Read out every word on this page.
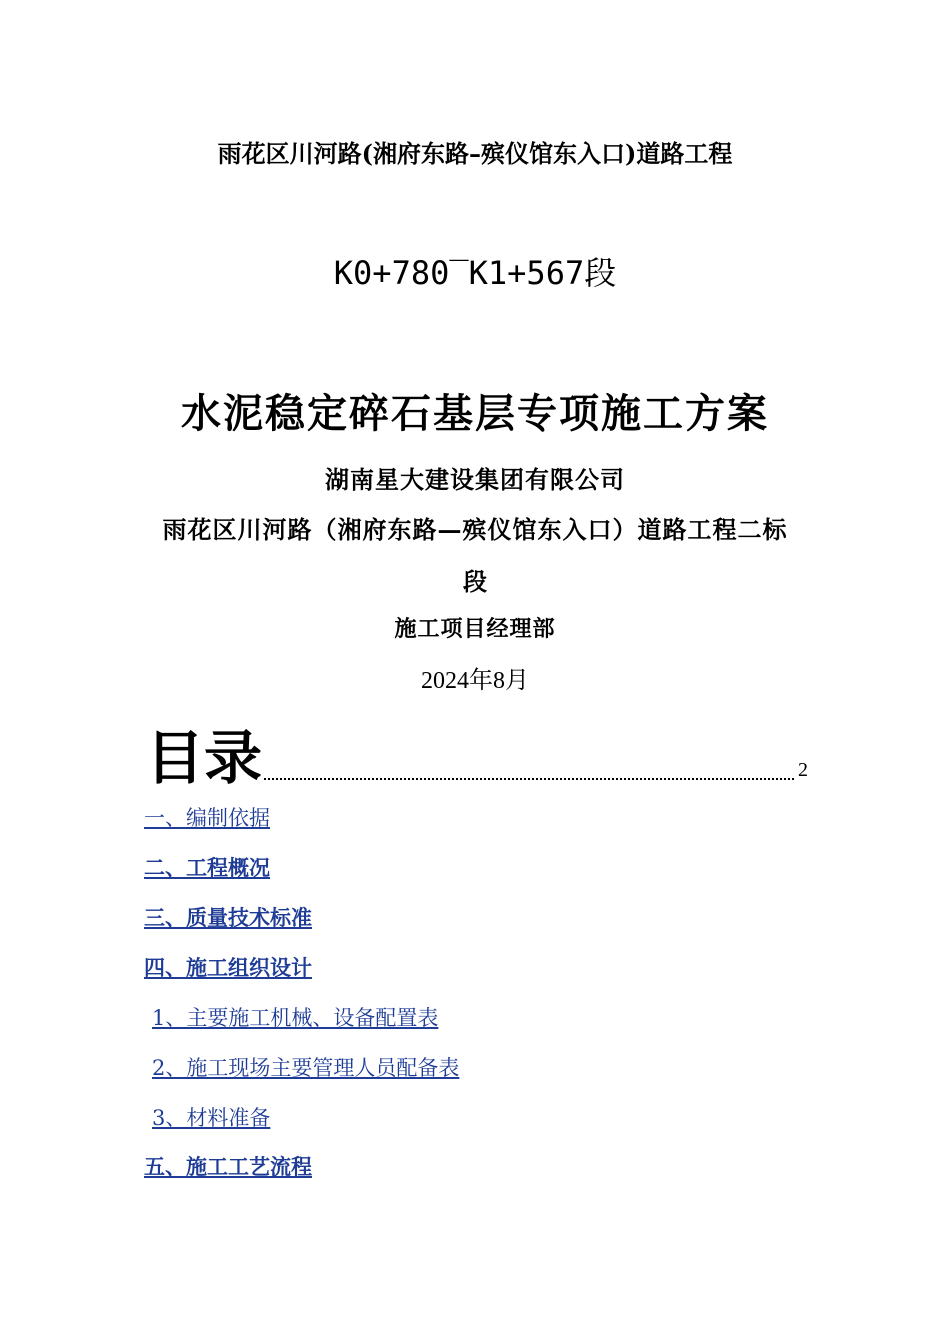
雨花区川河路(湘府东路–殡仪馆东入口)道路工程
K0+780‾K1+567段
水泥稳定碎石基层专项施工方案
湖南星大建设集团有限公司
雨花区川河路（湘府东路—殡仪馆东入口）道路工程二标
段
施工项目经理部
2024年8月
目录	2
一、编制依据
二、工程概况
三、质量技术标准
四、施工组织设计
1、主要施工机械、设备配置表
2、施工现场主要管理人员配备表
3、材料准备
五、施工工艺流程
